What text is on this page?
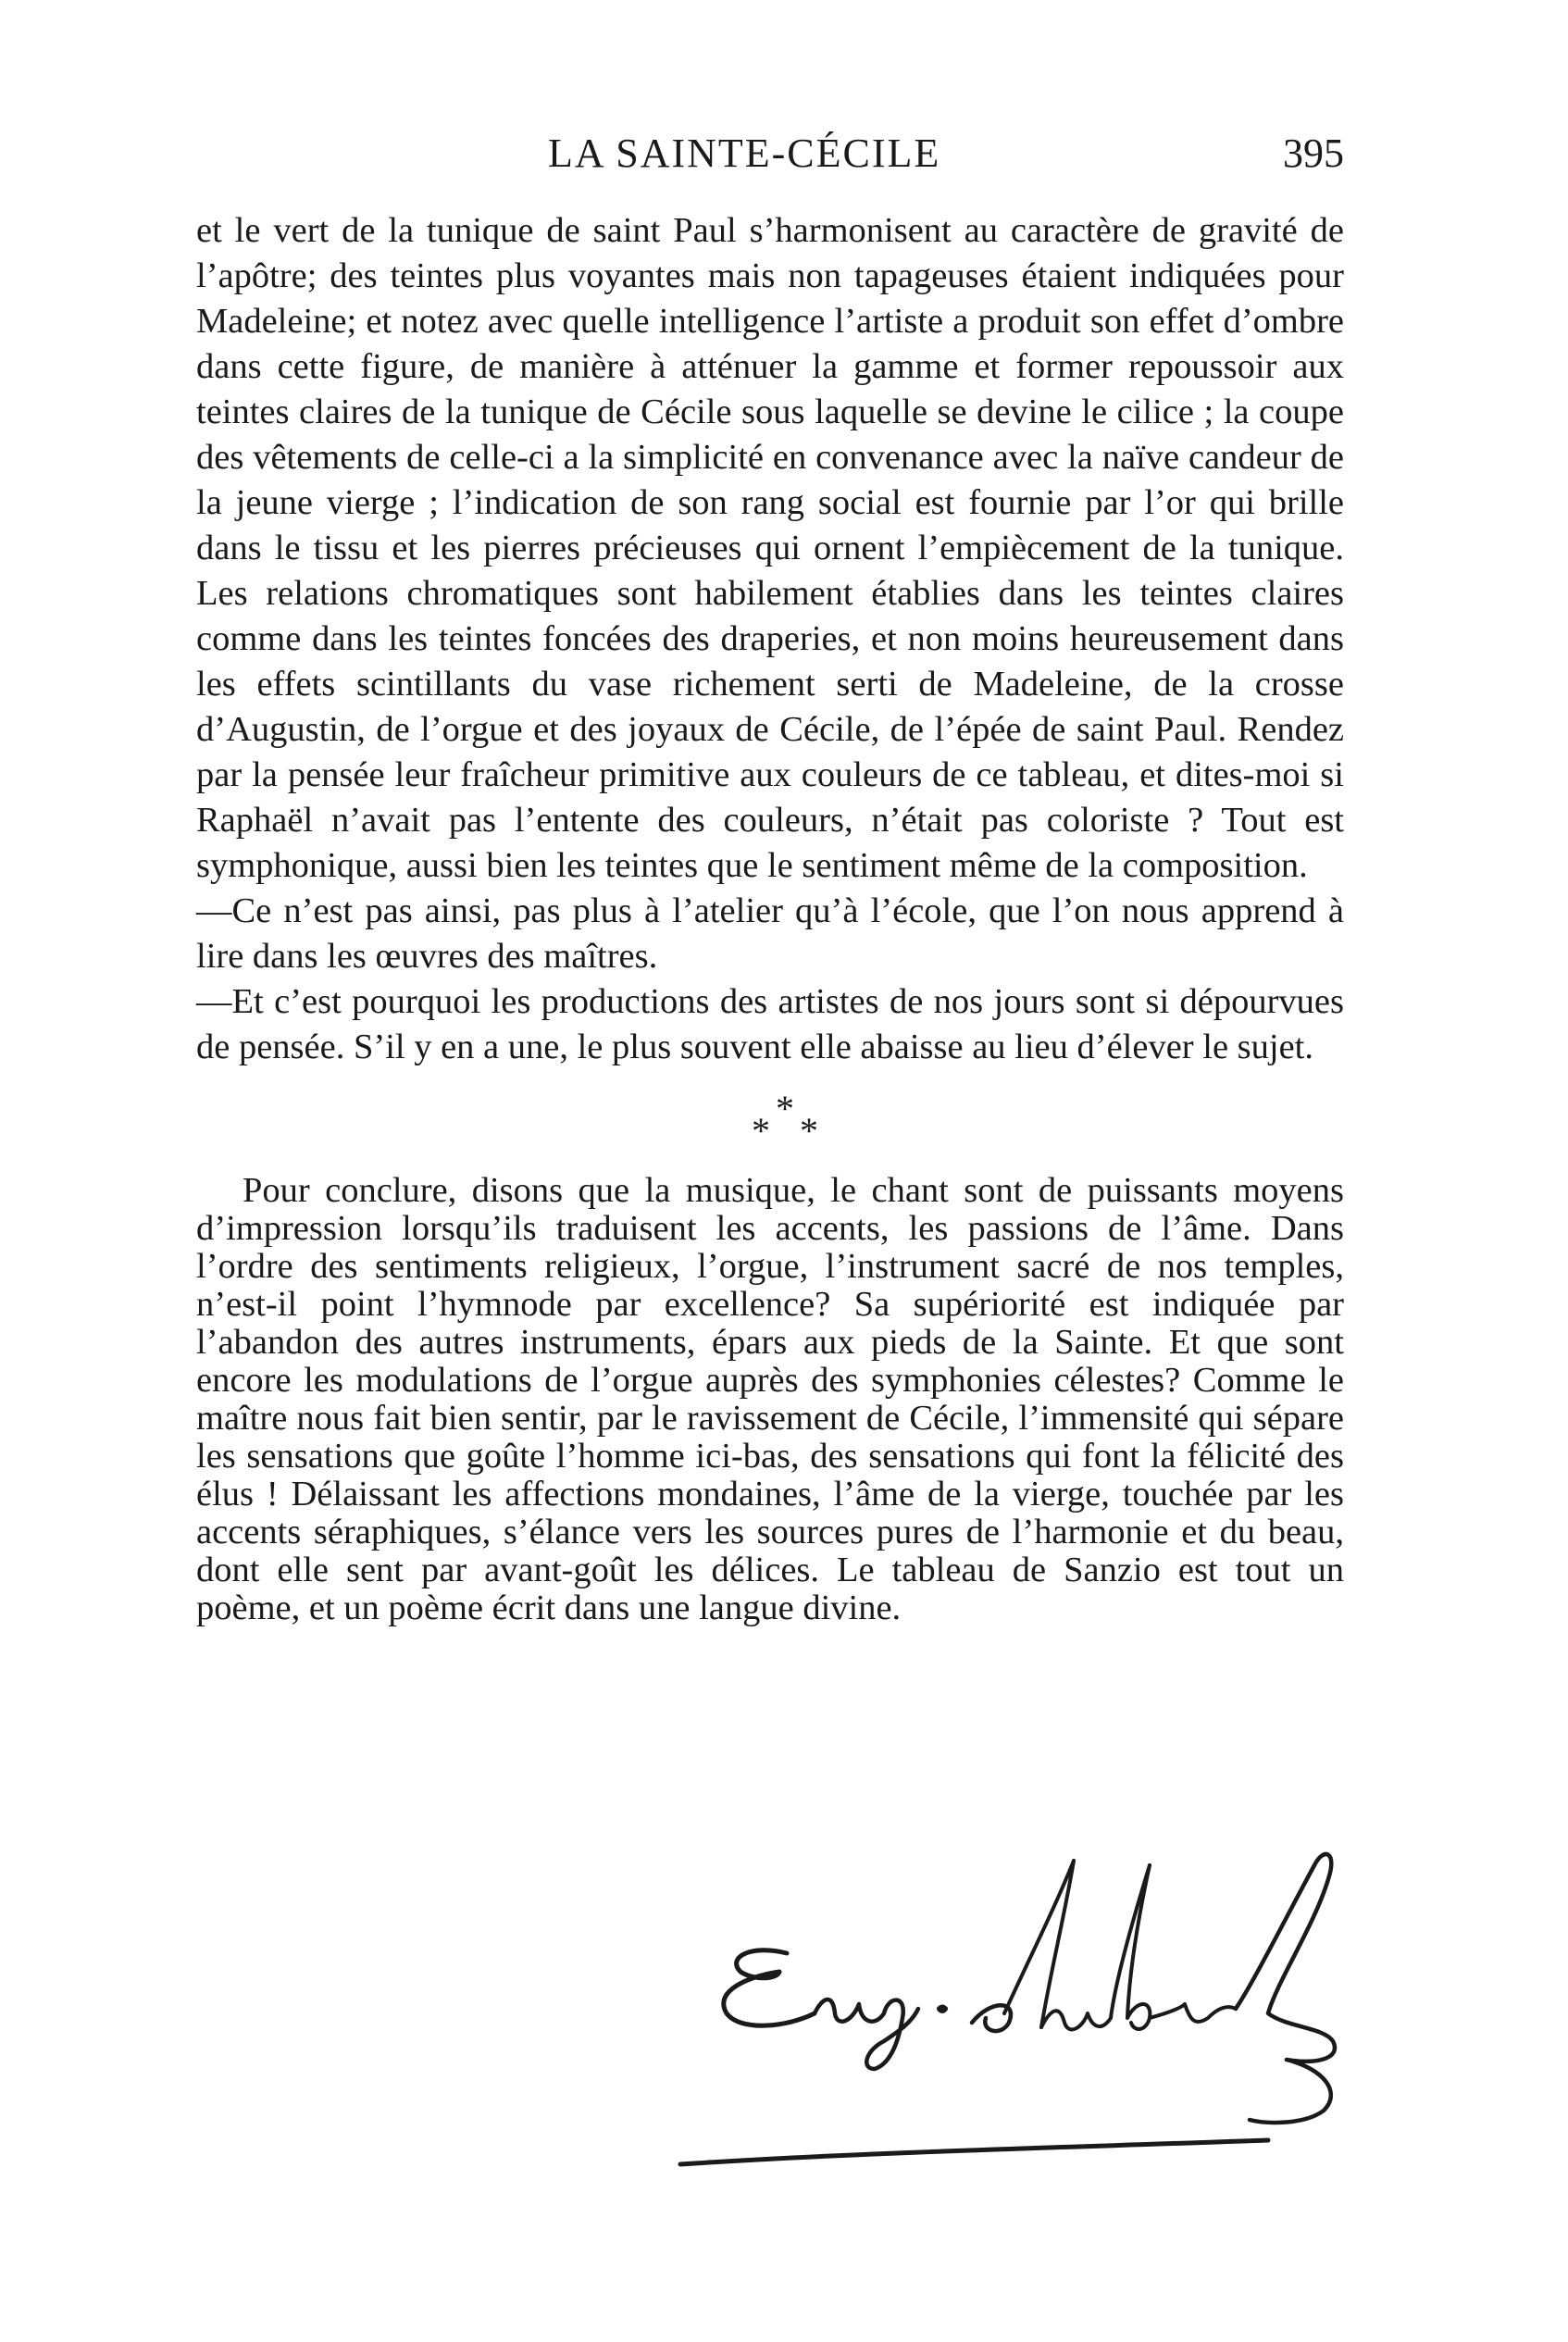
LA SAINTE-CÉCILE	395

et le vert de la tunique de saint Paul s’harmonisent au caractère de gravité de l’apôtre; des teintes plus voyantes mais non tapageuses étaient indiquées pour Madeleine; et notez avec quelle intelligence l’artiste a produit son effet d’ombre dans cette figure, de manière à atténuer la gamme et former repoussoir aux teintes claires de la tunique de Cécile sous laquelle se devine le cilice ; la coupe des vêtements de celle-ci a la simplicité en convenance avec la naïve candeur de la jeune vierge ; l’indication de son rang social est fournie par l’or qui brille dans le tissu et les pierres précieuses qui ornent l’empiècement de la tunique. Les relations chromatiques sont habilement établies dans les teintes claires comme dans les teintes foncées des draperies, et non moins heureusement dans les effets scintillants du vase richement serti de Madeleine, de la crosse d’Augustin, de l’orgue et des joyaux de Cécile, de l’épée de saint Paul. Rendez par la pensée leur fraîcheur primitive aux couleurs de ce tableau, et dites-moi si Raphaël n’avait pas l’entente des couleurs, n’était pas coloriste ? Tout est symphonique, aussi bien les teintes que le sentiment même de la composition.

—Ce n’est pas ainsi, pas plus à l’atelier qu’à l’école, que l’on nous apprend à lire dans les œuvres des maîtres.

—Et c’est pourquoi les productions des artistes de nos jours sont si dépourvues de pensée. S’il y en a une, le plus souvent elle abaisse au lieu d’élever le sujet.

*
* *

Pour conclure, disons que la musique, le chant sont de puissants moyens d’impression lorsqu’ils traduisent les accents, les passions de l’âme. Dans l’ordre des sentiments religieux, l’orgue, l’instrument sacré de nos temples, n’est-il point l’hymnode par excellence? Sa supériorité est indiquée par l’abandon des autres instruments, épars aux pieds de la Sainte. Et que sont encore les modulations de l’orgue auprès des symphonies célestes? Comme le maître nous fait bien sentir, par le ravissement de Cécile, l’immensité qui sépare les sensations que goûte l’homme ici-bas, des sensations qui font la félicité des élus ! Délaissant les affections mondaines, l’âme de la vierge, touchée par les accents séraphiques, s’élance vers les sources pures de l’harmonie et du beau, dont elle sent par avant-goût les délices. Le tableau de Sanzio est tout un poème, et un poème écrit dans une langue divine.
